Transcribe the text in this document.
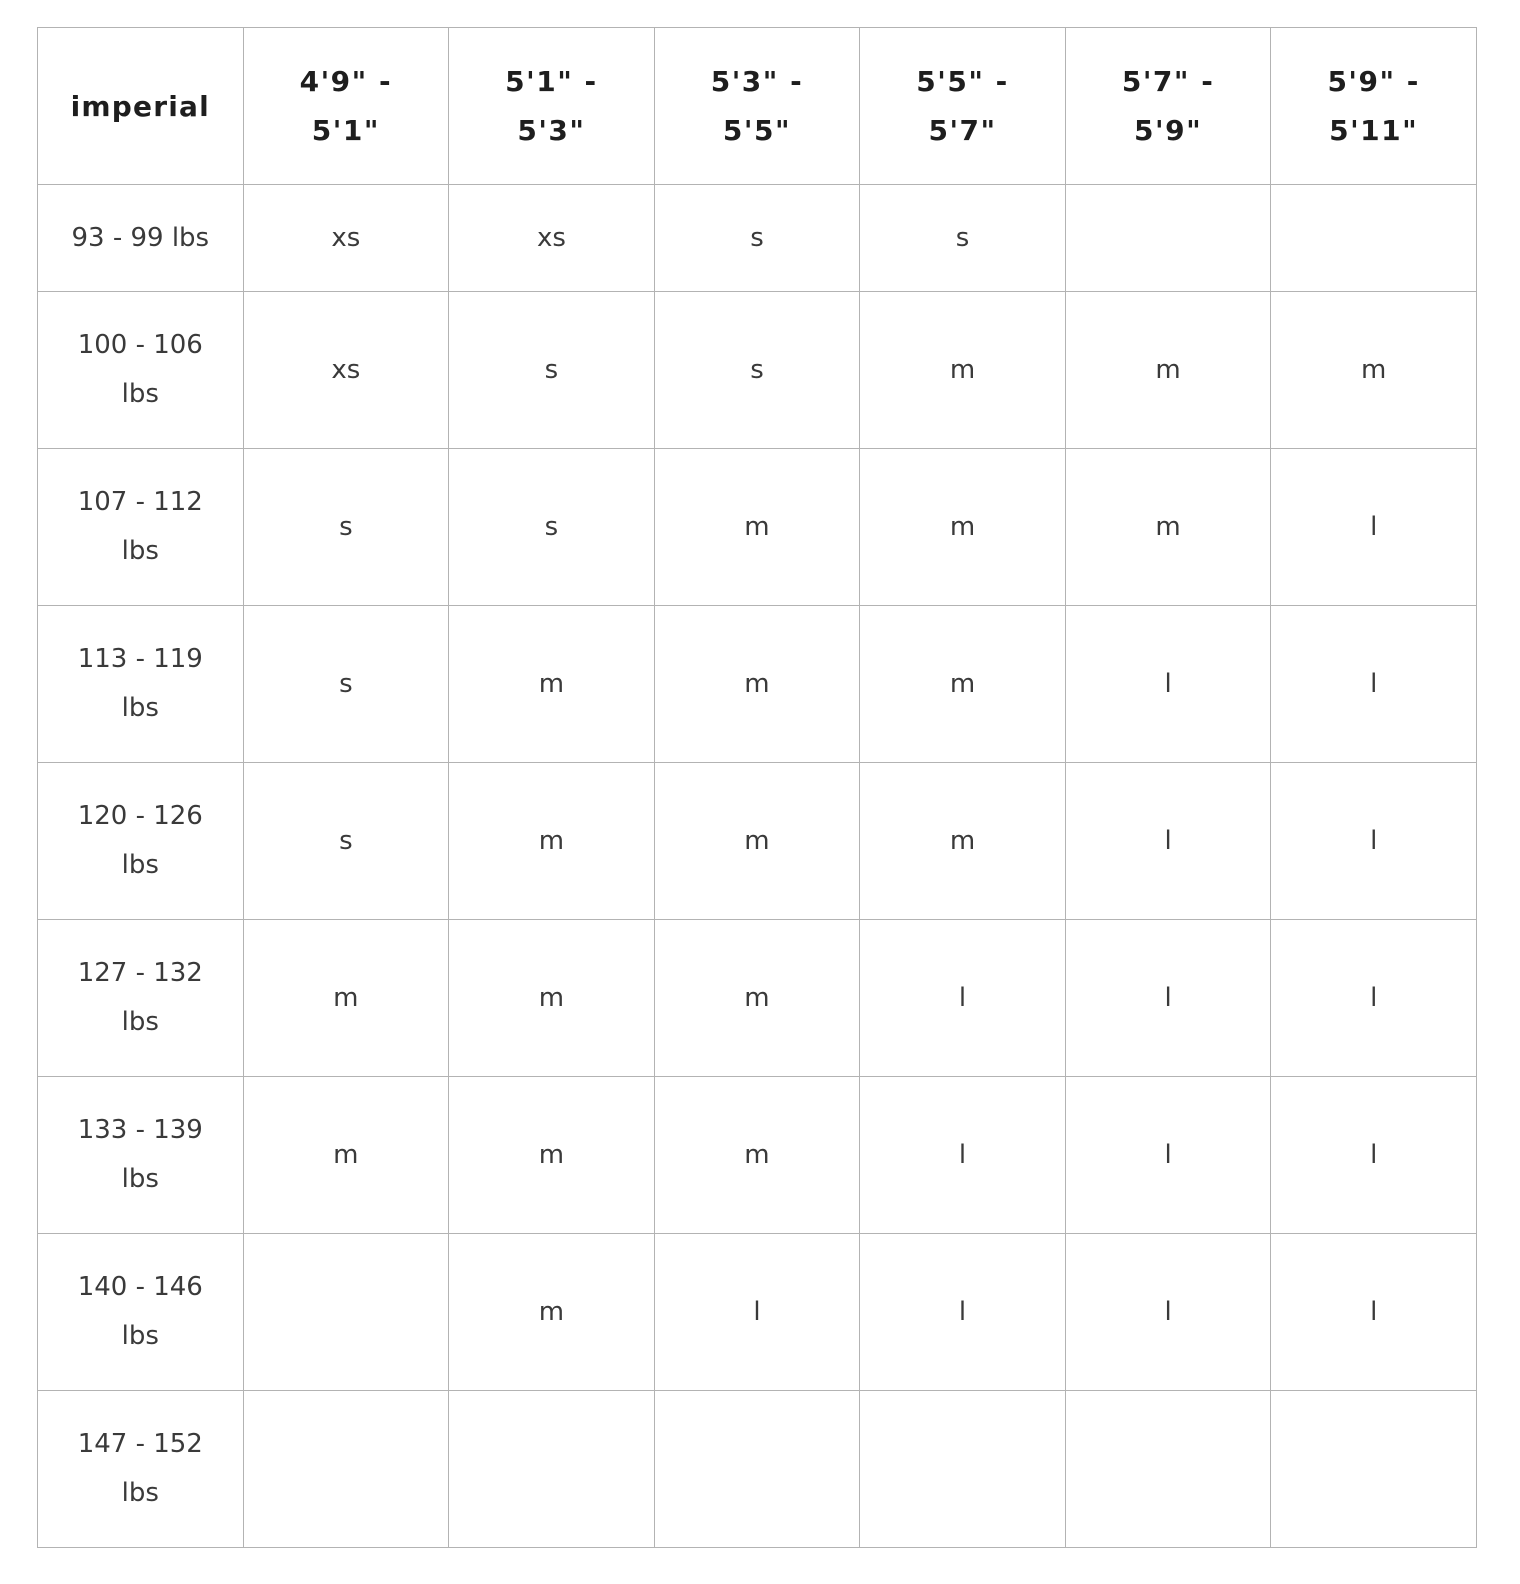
imperial	4'9" - 5'1"	5'1" - 5'3"	5'3" - 5'5"	5'5" - 5'7"	5'7" - 5'9"	5'9" - 5'11"
93 - 99 lbs	xs	xs	s	s		
100 - 106 lbs	xs	s	s	m	m	m
107 - 112 lbs	s	s	m	m	m	l
113 - 119 lbs	s	m	m	m	l	l
120 - 126 lbs	s	m	m	m	l	l
127 - 132 lbs	m	m	m	l	l	l
133 - 139 lbs	m	m	m	l	l	l
140 - 146 lbs		m	l	l	l	l
147 - 152 lbs						
